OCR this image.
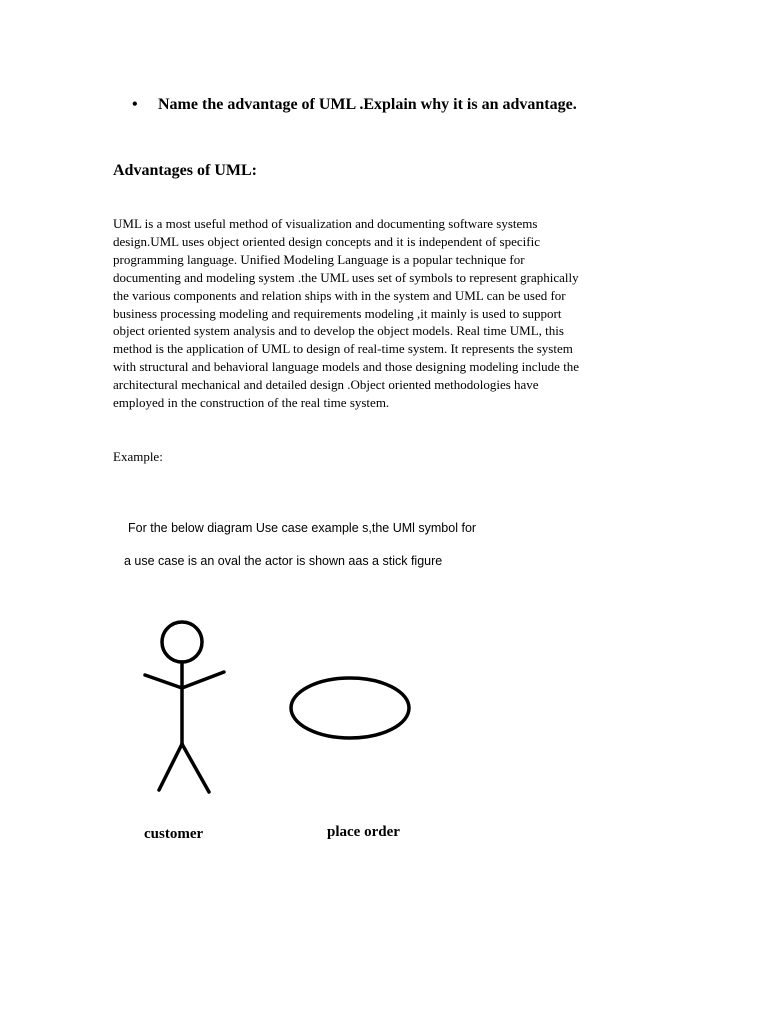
• Name the advantage of UML .Explain why it is an advantage.
Advantages of UML:
UML is a most useful method of visualization and documenting software systems
design.UML uses object oriented design concepts and it is independent of specific
programming language. Unified Modeling Language is a popular technique for
documenting and modeling system .the UML uses set of symbols to represent graphically
the various components and relation ships with in the system and UML can be used for
business processing modeling and requirements modeling ,it mainly is used to support
object oriented system analysis and to develop the object models. Real time UML, this
method is the application of UML to design of real-time system. It represents the system
with structural and behavioral language models and those designing modeling include the
architectural mechanical and detailed design .Object oriented methodologies have
employed in the construction of the real time system.
Example:
For the below diagram Use case example s,the UMl symbol for
a use case is an oval the actor is shown aas a stick figure
customer	place order
